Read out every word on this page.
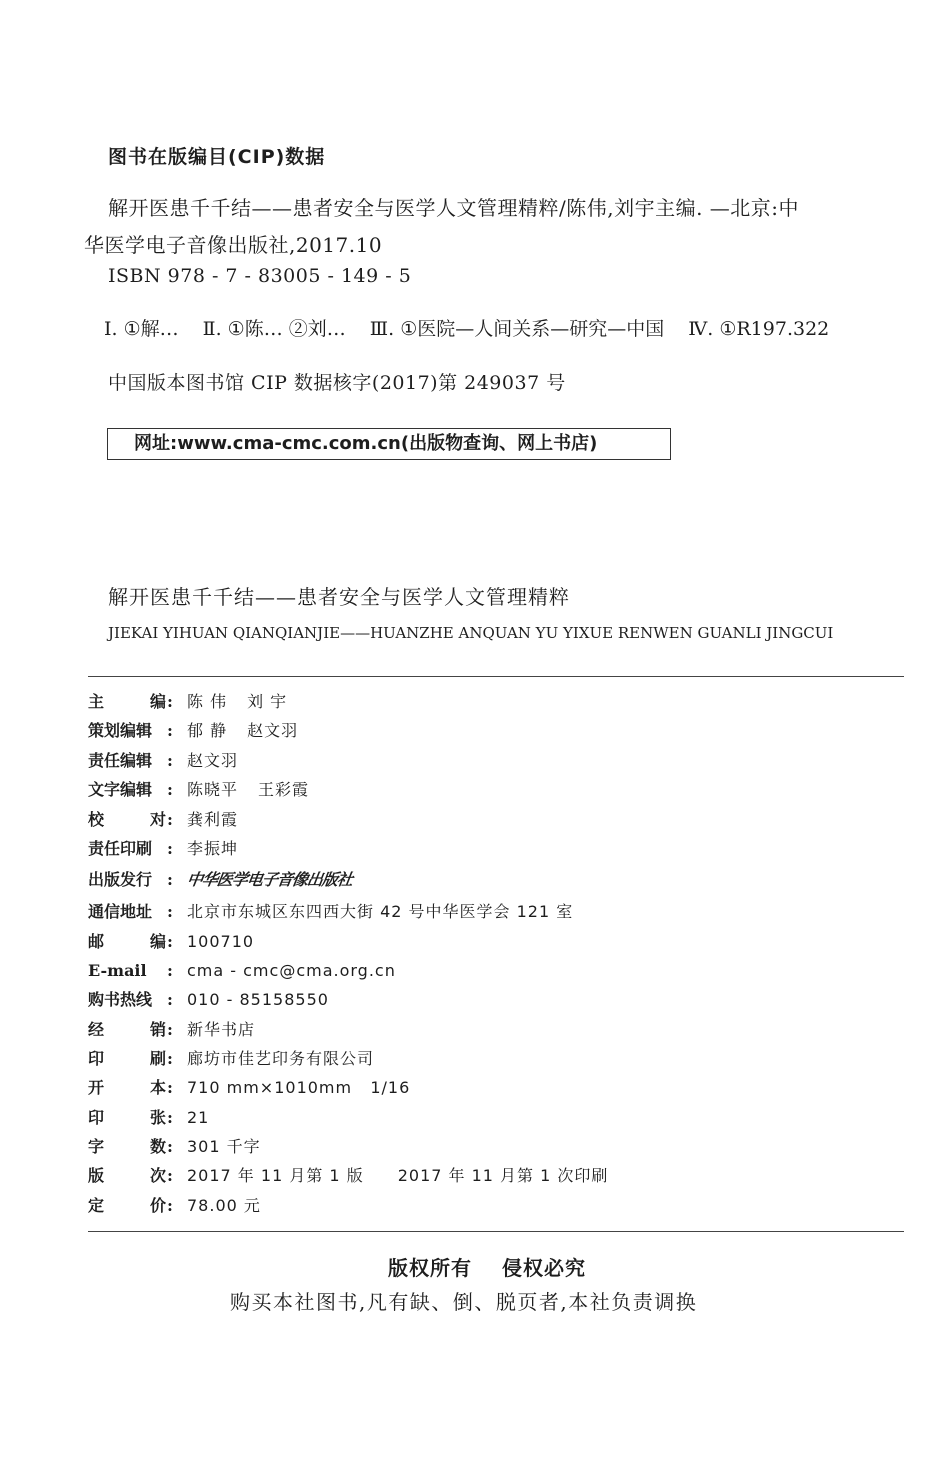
图书在版编目(CIP)数据
解开医患千千结——患者安全与医学人文管理精粹/陈伟,刘宇主编. —北京:中
华医学电子音像出版社,2017.10
ISBN 978 - 7 - 83005 - 149 - 5
Ⅰ. ①解… Ⅱ. ①陈… ②刘… Ⅲ. ①医院—人间关系—研究—中国 Ⅳ. ①R197.322
中国版本图书馆 CIP 数据核字(2017)第 249037 号
网址:www.cma-cmc.com.cn(出版物查询、网上书店)
解开医患千千结——患者安全与医学人文管理精粹
JIEKAI YIHUAN QIANQIANJIE——HUANZHE ANQUAN YU YIXUE RENWEN GUANLI JINGCUI
主	编 : 陈 伟 刘 宇
策划编辑 : 郁 静 赵文羽
责任编辑 : 赵文羽
文字编辑 : 陈晓平 王彩霞
校	对 : 龚利霞
责任印刷 : 李振坤
出版发行 : 中华医学电子音像出版社
通信地址 : 北京市东城区东四西大街 42 号中华医学会 121 室
邮	编 : 100710
E-mail	: cma - cmc@cma.org.cn
购书热线 : 010 - 85158550
经	销 : 新华书店
印	刷 : 廊坊市佳艺印务有限公司
开	本 : 710 mm×1010mm   1/16
印	张 : 21
字	数 : 301 千字
版	次 : 2017 年 11 月第 1 版 2017 年 11 月第 1 次印刷
定	价 : 78.00 元
版权所有 侵权必究
购买本社图书,凡有缺、倒、脱页者,本社负责调换
